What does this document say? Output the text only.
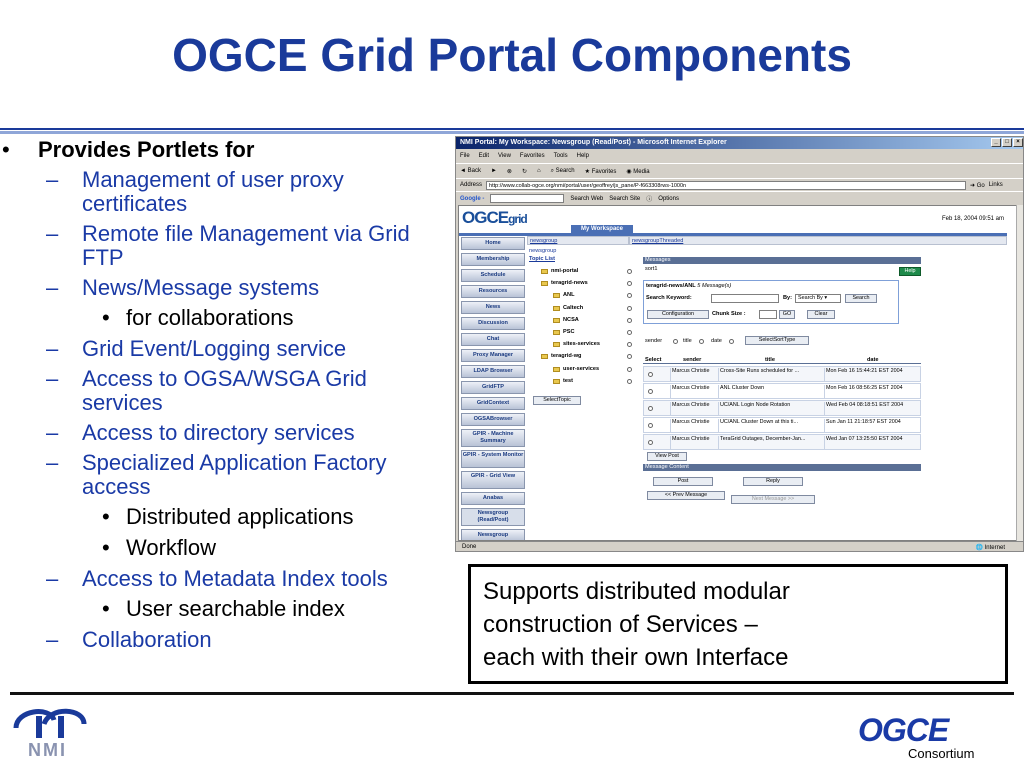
OGCE Grid Portal Components
• Provides Portlets for
– Management of user proxy certificates
– Remote file Management via Grid FTP
– News/Message systems
• for collaborations
– Grid Event/Logging service
– Access to OGSA/WSGA Grid services
– Access to directory services
– Specialized Application Factory access
• Distributed applications
• Workflow
– Access to Metadata Index tools
• User searchable index
– Collaboration
NMI Portal: My Workspace: Newsgroup (Read/Post) - Microsoft Internet Explorer	_	□	×
File Edit View Favorites Tools Help
◄ Back ► ⊗ ↻ ⌂ ⌕ Search ★ Favorites ◉ Media
Address	http://www.collab-ogce.org/nmi/portal/user/geoffrey/js_pane/P-f663308rws-1000n	➜ Go Links
Google -	Search Web Search Site ⓘ Options
OGCEgrid	Feb 18, 2004 09:51 am
My Workspace
Home
Membership
Schedule
Resources
News
Discussion
Chat
Proxy Manager
LDAP Browser
GridFTP
GridContext
OGSABrowser
GPIR - Machine Summary
GPIR - System Monitor
GPIR - Grid View
Anabas
Newsgroup (Read/Post)
Newsgroup
newsgroup	newsgroupThreaded
newsgroup
Topic List
nmi-portal
teragrid-news
ANL
Caltech
NCSA
PSC
sites-services
teragrid-wg
user-services
test
SelectTopic
Messages
sort1	Help
teragrid-news/ANL 5 Message(s)
Search Keyword:	By:	Search By ▾	Search
Configuration	Chunk Size :	GO	Clear
sender	title	date	SelectSortType
Select	sender	title	date
Marcus Christie	Cross-Site Runs scheduled for ...	Mon Feb 16 15:44:21 EST 2004
Marcus Christie	ANL Cluster Down	Mon Feb 16 08:56:25 EST 2004
Marcus Christie	UC/ANL Login Node Rotation	Wed Feb 04 08:18:51 EST 2004
Marcus Christie	UC/ANL Cluster Down at this ti...	Sun Jan 11 21:18:57 EST 2004
Marcus Christie	TeraGrid Outages, December-Jan...	Wed Jan 07 13:25:50 EST 2004
View Post
Message Content
Post	Reply
<< Prev Message
Next Message >>
Done	🌐 Internet
Supports distributed modular
construction of Services –
each with their own Interface
NMI
OGCE
Consortium
